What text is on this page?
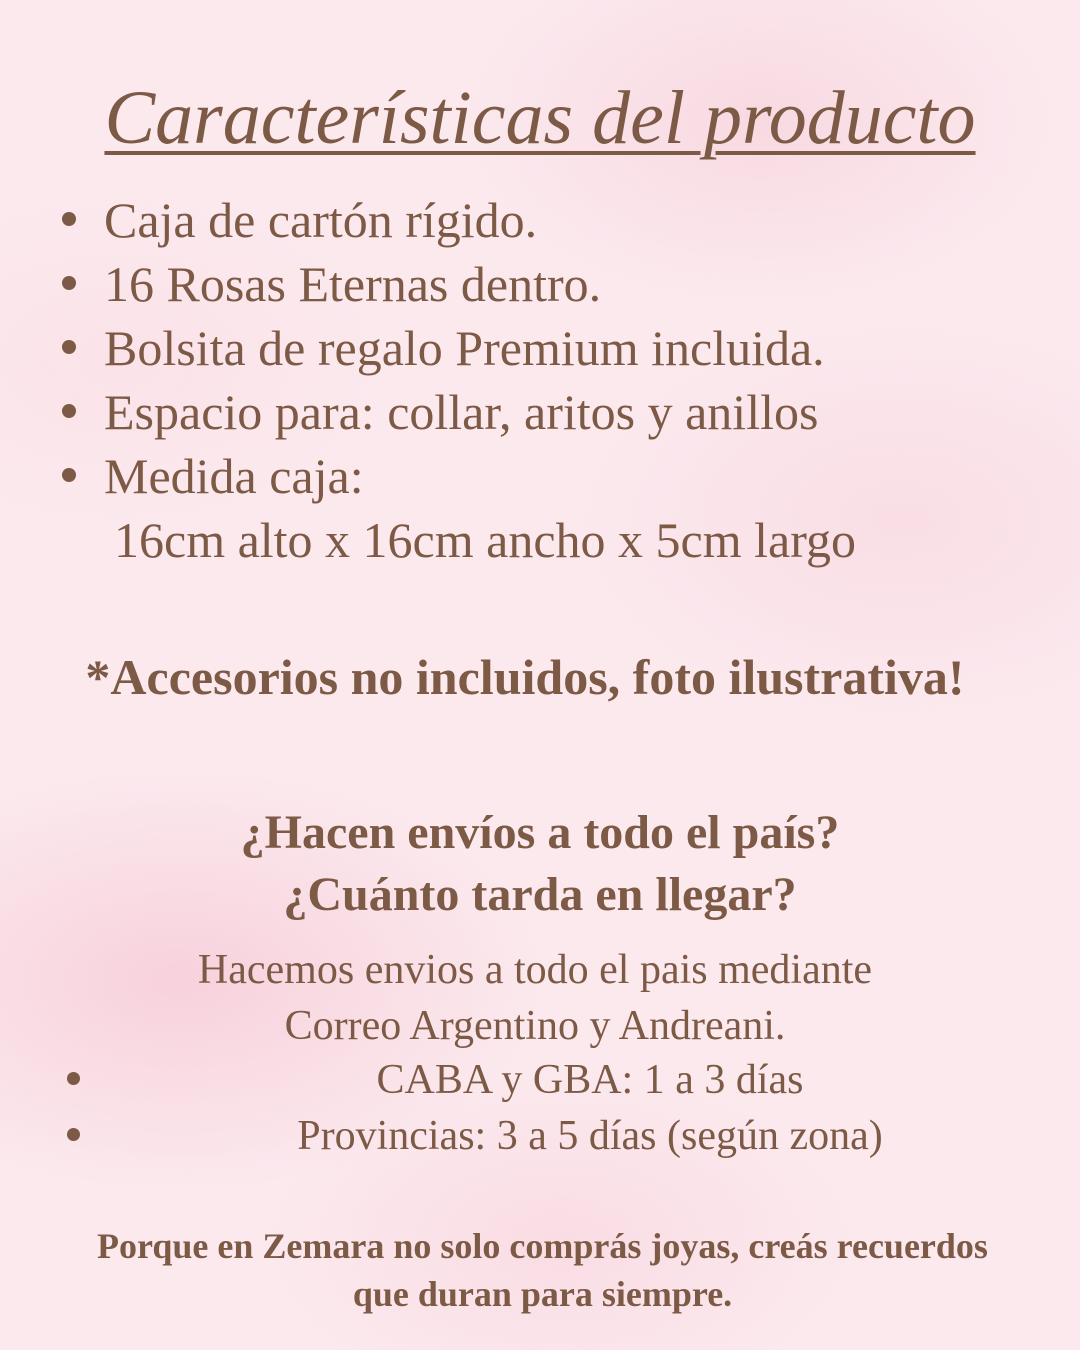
Características del producto
Caja de cartón rígido.
16 Rosas Eternas dentro.
Bolsita de regalo Premium incluida.
Espacio para: collar, aritos y anillos
Medida caja:
16cm alto x 16cm ancho x 5cm largo

*Accesorios no incluidos, foto ilustrativa!

¿Hacen envíos a todo el país?
¿Cuánto tarda en llegar?

Hacemos envios a todo el pais mediante
Correo Argentino y Andreani.

CABA y GBA: 1 a 3 días
Provincias: 3 a 5 días (según zona)

Porque en Zemara no solo comprás joyas, creás recuerdos
que duran para siempre.
